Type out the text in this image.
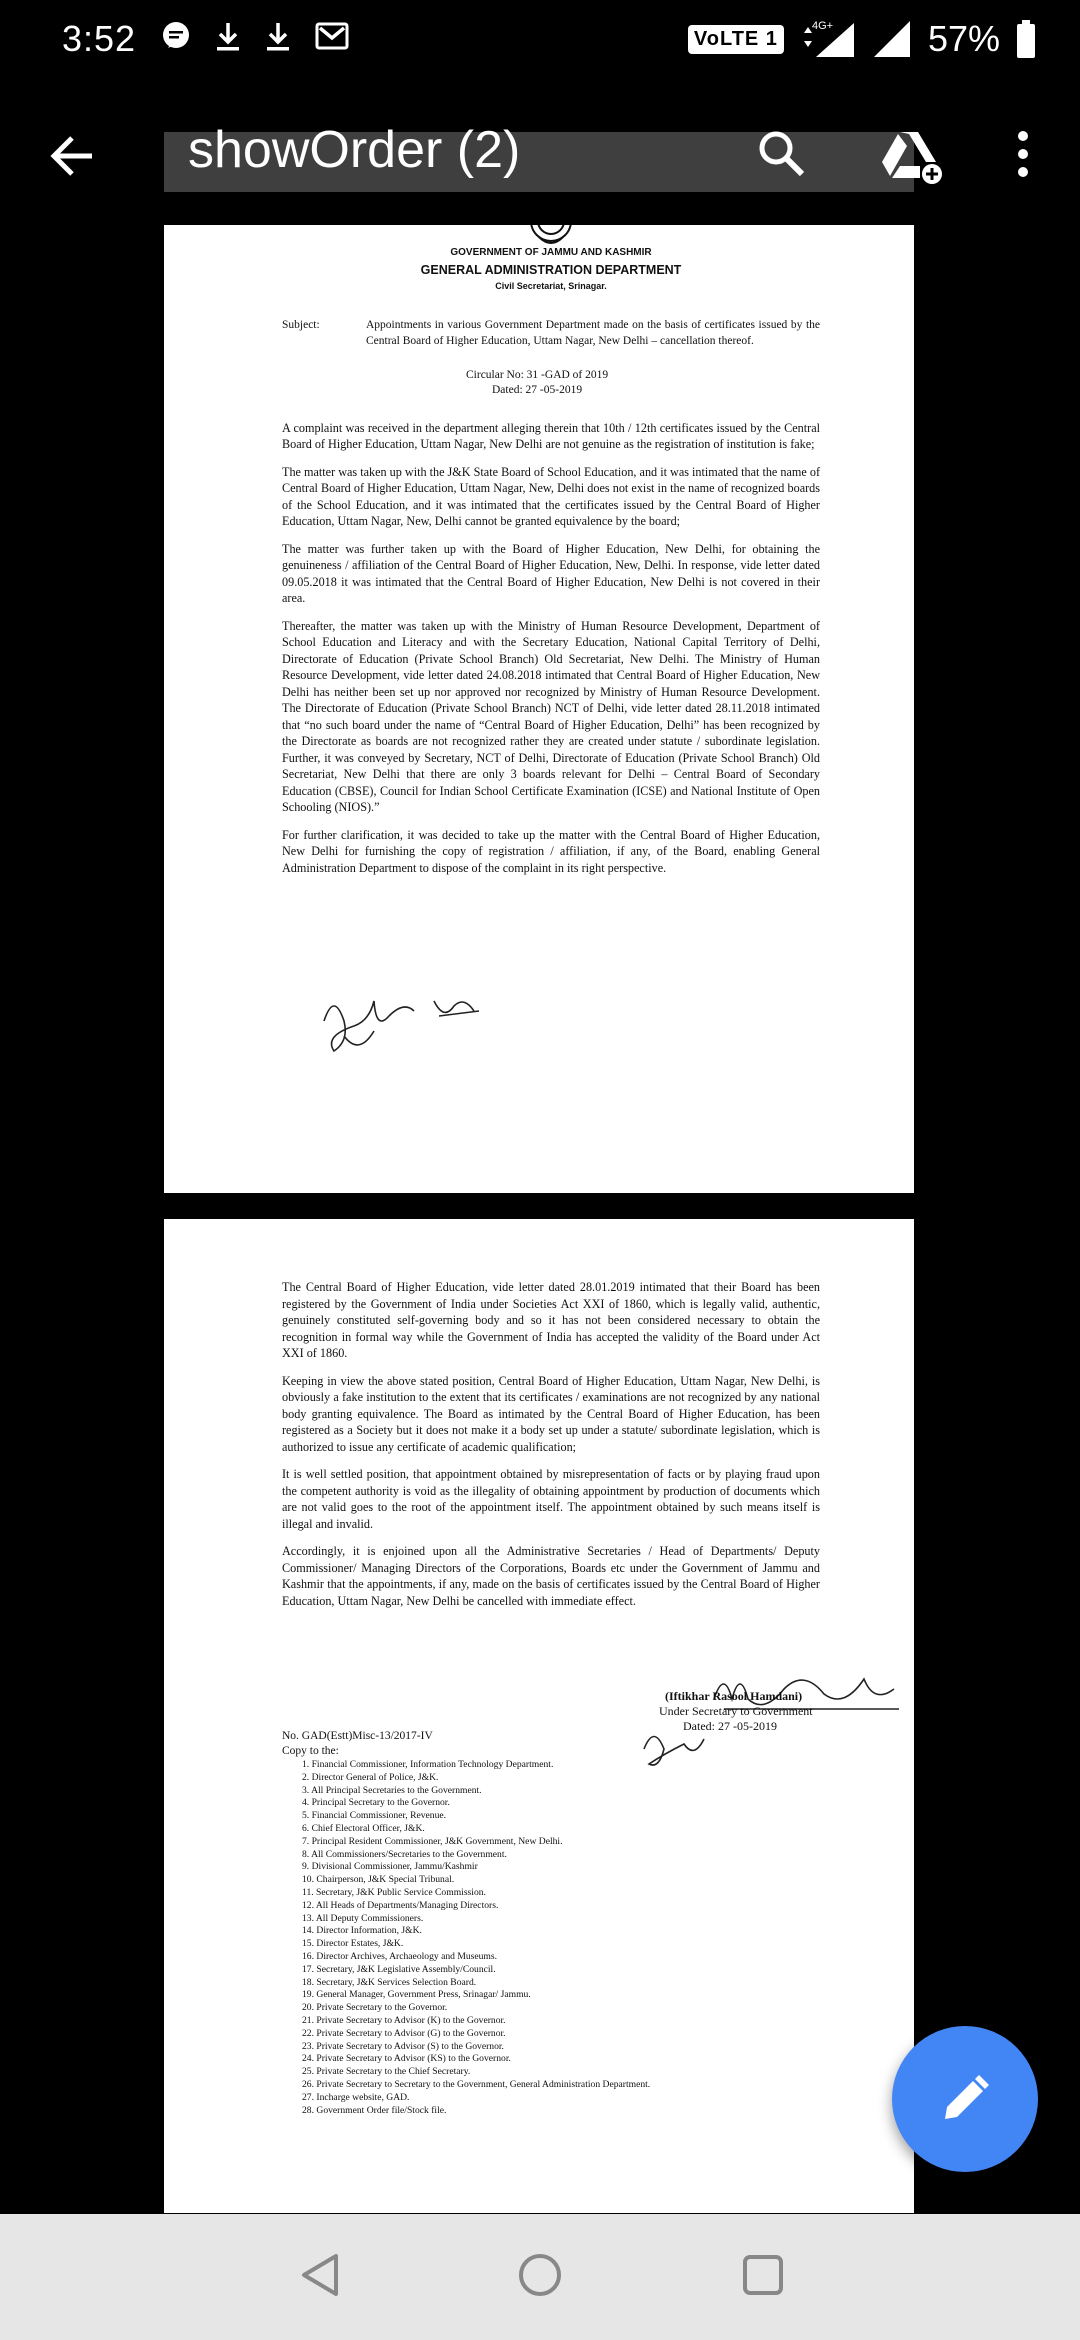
3:52	VoLTE 1
4G+	57%
showOrder (2)
GOVERNMENT OF JAMMU AND KASHMIR
GENERAL ADMINISTRATION DEPARTMENT
Civil Secretariat, Srinagar.
Subject:	Appointments in various Government Department made on the basis of certificates issued by the Central Board of Higher Education, Uttam Nagar, New Delhi – cancellation thereof.
Circular No: 31 -GAD of 2019
Dated: 27 -05-2019

A complaint was received in the department alleging therein that 10th / 12th certificates issued by the Central Board of Higher Education, Uttam Nagar, New Delhi are not genuine as the registration of institution is fake;

The matter was taken up with the J&K State Board of School Education, and it was intimated that the name of Central Board of Higher Education, Uttam Nagar, New, Delhi does not exist in the name of recognized boards of the School Education, and it was intimated that the certificates issued by the Central Board of Higher Education, Uttam Nagar, New, Delhi cannot be granted equivalence by the board;

The matter was further taken up with the Board of Higher Education, New Delhi, for obtaining the genuineness / affiliation of the Central Board of Higher Education, New, Delhi. In response, vide letter dated 09.05.2018 it was intimated that the Central Board of Higher Education, New Delhi is not covered in their area.

Thereafter, the matter was taken up with the Ministry of Human Resource Development, Department of School Education and Literacy and with the Secretary Education, National Capital Territory of Delhi, Directorate of Education (Private School Branch) Old Secretariat, New Delhi. The Ministry of Human Resource Development, vide letter dated 24.08.2018 intimated that Central Board of Higher Education, New Delhi has neither been set up nor approved nor recognized by Ministry of Human Resource Development. The Directorate of Education (Private School Branch) NCT of Delhi, vide letter dated 28.11.2018 intimated that “no such board under the name of “Central Board of Higher Education, Delhi” has been recognized by the Directorate as boards are not recognized rather they are created under statute / subordinate legislation. Further, it was conveyed by Secretary, NCT of Delhi, Directorate of Education (Private School Branch) Old Secretariat, New Delhi that there are only 3 boards relevant for Delhi – Central Board of Secondary Education (CBSE), Council for Indian School Certificate Examination (ICSE) and National Institute of Open Schooling (NIOS).”

For further clarification, it was decided to take up the matter with the Central Board of Higher Education, New Delhi for furnishing the copy of registration / affiliation, if any, of the Board, enabling General Administration Department to dispose of the complaint in its right perspective.

The Central Board of Higher Education, vide letter dated 28.01.2019 intimated that their Board has been registered by the Government of India under Societies Act XXI of 1860, which is legally valid, authentic, genuinely constituted self-governing body and so it has not been considered necessary to obtain the recognition in formal way while the Government of India has accepted the validity of the Board under Act XXI of 1860.

Keeping in view the above stated position, Central Board of Higher Education, Uttam Nagar, New Delhi, is obviously a fake institution to the extent that its certificates / examinations are not recognized by any national body granting equivalence. The Board as intimated by the Central Board of Higher Education, has been registered as a Society but it does not make it a body set up under a statute/ subordinate legislation, which is authorized to issue any certificate of academic qualification;

It is well settled position, that appointment obtained by misrepresentation of facts or by playing fraud upon the competent authority is void as the illegality of obtaining appointment by production of documents which are not valid goes to the root of the appointment itself. The appointment obtained by such means itself is illegal and invalid.

Accordingly, it is enjoined upon all the Administrative Secretaries / Head of Departments/ Deputy Commissioner/ Managing Directors of the Corporations, Boards etc under the Government of Jammu and Kashmir that the appointments, if any, made on the basis of certificates issued by the Central Board of Higher Education, Uttam Nagar, New Delhi be cancelled with immediate effect.

(Iftikhar Rasool Hamdani)
Under Secretary to Government
Dated: 27 -05-2019
No. GAD(Estt)Misc-13/2017-IV
Copy to the:
1. Financial Commissioner, Information Technology Department.
2. Director General of Police, J&K.
3. All Principal Secretaries to the Government.
4. Principal Secretary to the Governor.
5. Financial Commissioner, Revenue.
6. Chief Electoral Officer, J&K.
7. Principal Resident Commissioner, J&K Government, New Delhi.
8. All Commissioners/Secretaries to the Government.
9. Divisional Commissioner, Jammu/Kashmir
10. Chairperson, J&K Special Tribunal.
11. Secretary, J&K Public Service Commission.
12. All Heads of Departments/Managing Directors.
13. All Deputy Commissioners.
14. Director Information, J&K.
15. Director Estates, J&K.
16. Director Archives, Archaeology and Museums.
17. Secretary, J&K Legislative Assembly/Council.
18. Secretary, J&K Services Selection Board.
19. General Manager, Government Press, Srinagar/ Jammu.
20. Private Secretary to the Governor.
21. Private Secretary to Advisor (K) to the Governor.
22. Private Secretary to Advisor (G) to the Governor.
23. Private Secretary to Advisor (S) to the Governor.
24. Private Secretary to Advisor (KS) to the Governor.
25. Private Secretary to the Chief Secretary.
26. Private Secretary to Secretary to the Government, General Administration Department.
27. Incharge website, GAD.
28. Government Order file/Stock file.
